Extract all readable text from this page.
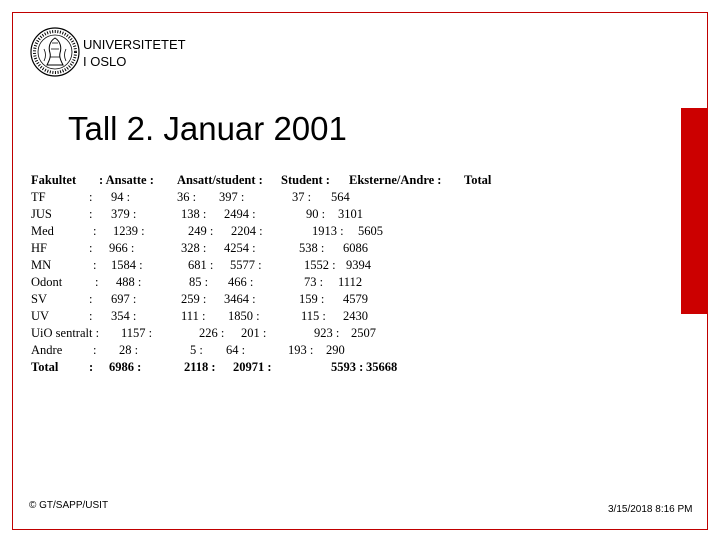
UNIVERSITETET
I OSLO
Tall 2. Januar 2001
Fakultet : Ansatte : Ansatt/student : Student : Eksterne/Andre : Total
TF	: 94 :	36 : 397 :	37 : 564
JUS	: 379 :	138 : 2494 :	90 : 3101
Med	: 1239 :	249 : 2204 :	1913 : 5605
HF	: 966 :	328 : 4254 :	538 : 6086
MN	: 1584 :	681 : 5577 :	1552 : 9394
Odont	: 488 :	85 : 466 :	73 : 1112
SV	: 697 :	259 : 3464 :	159 : 4579
UV	: 354 :	111 : 1850 :	115 : 2430
UiO sentralt : 1157 :	226 : 201 :	923 : 2507
Andre : 28 :	5 : 64 :	193 : 290
Total : 6986 :	2118 : 20971 :	5593 : 35668
© GT/SAPP/USIT	3/15/2018 8:16 PM
